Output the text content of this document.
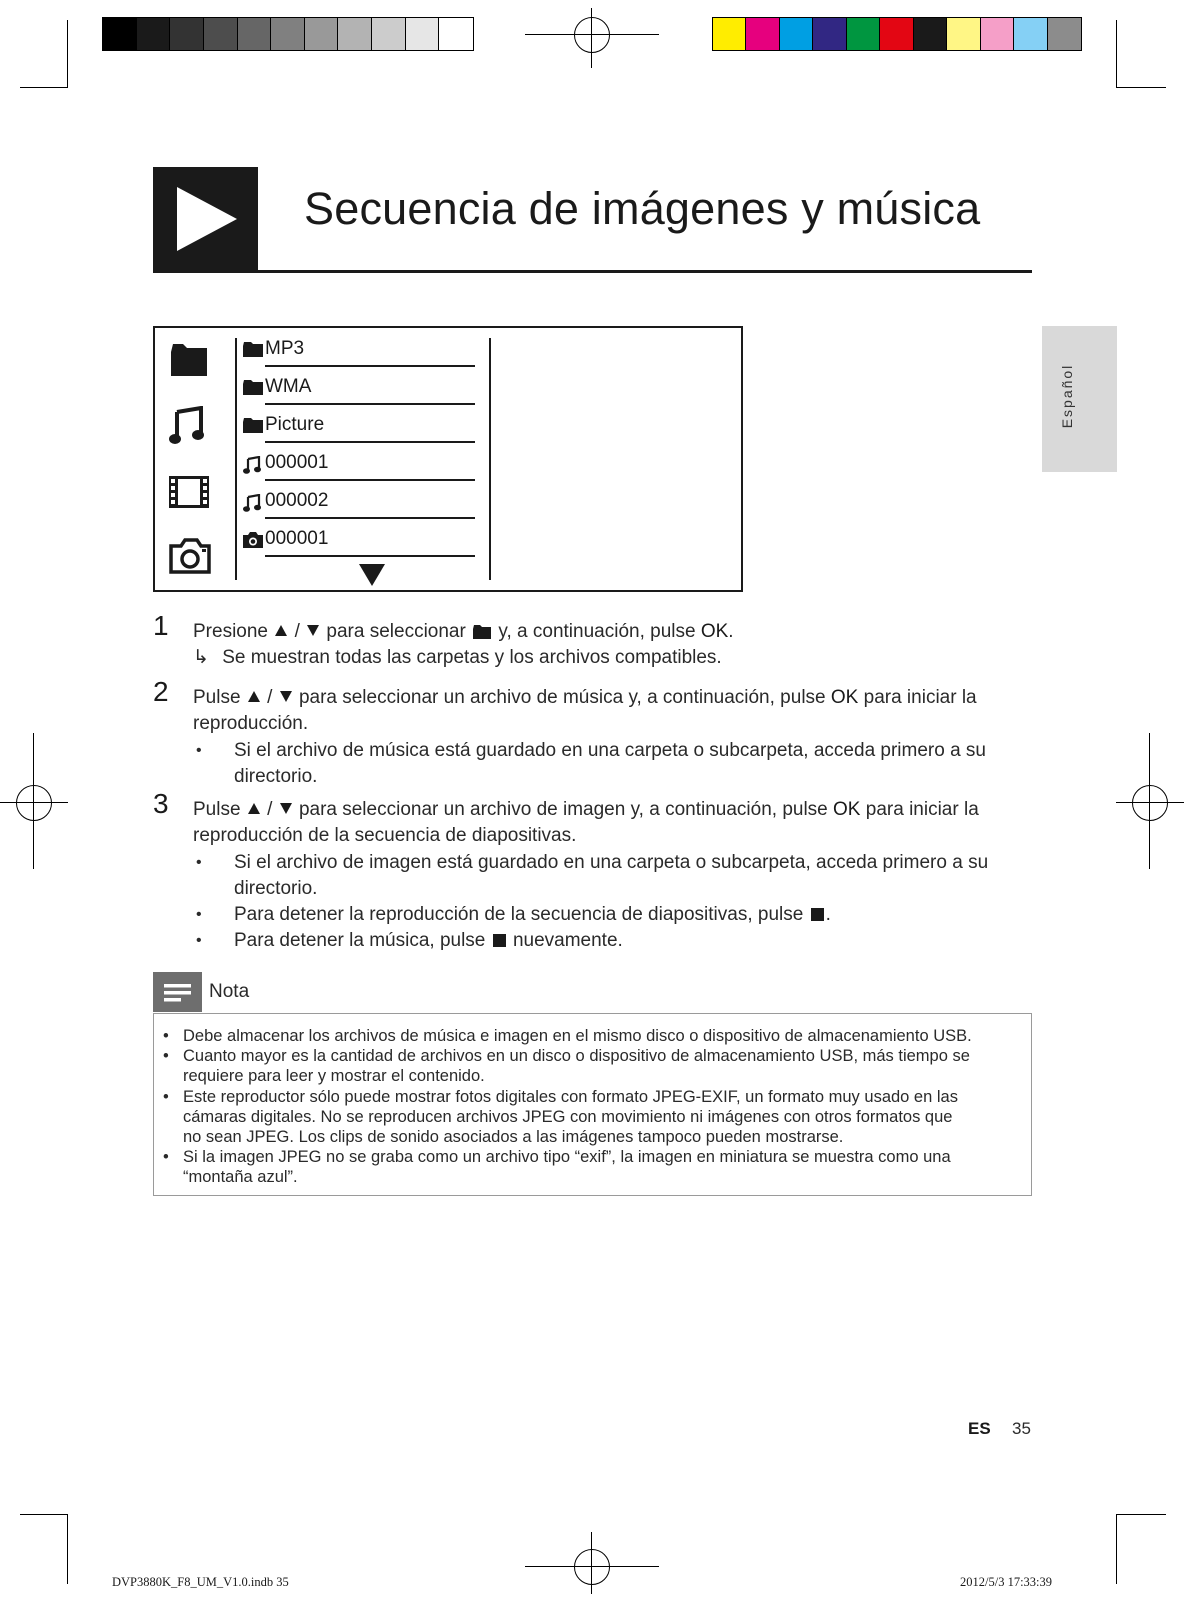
Secuencia de imágenes y música
Español
MP3
WMA
Picture
000001
000002
000001
1 Presione / para seleccionar y, a continuación, pulse OK.
↳ Se muestran todas las carpetas y los archivos compatibles.
2 Pulse / para seleccionar un archivo de música y, a continuación, pulse OK para iniciar la
reproducción.
• Si el archivo de música está guardado en una carpeta o subcarpeta, acceda primero a su
directorio.
3 Pulse / para seleccionar un archivo de imagen y, a continuación, pulse OK para iniciar la
reproducción de la secuencia de diapositivas.
• Si el archivo de imagen está guardado en una carpeta o subcarpeta, acceda primero a su
directorio.
• Para detener la reproducción de la secuencia de diapositivas, pulse .
• Para detener la música, pulse nuevamente.
Nota
• Debe almacenar los archivos de música e imagen en el mismo disco o dispositivo de almacenamiento USB.
• Cuanto mayor es la cantidad de archivos en un disco o dispositivo de almacenamiento USB, más tiempo se
requiere para leer y mostrar el contenido.
• Este reproductor sólo puede mostrar fotos digitales con formato JPEG-EXIF, un formato muy usado en las
cámaras digitales. No se reproducen archivos JPEG con movimiento ni imágenes con otros formatos que
no sean JPEG. Los clips de sonido asociados a las imágenes tampoco pueden mostrarse.
• Si la imagen JPEG no se graba como un archivo tipo “exif”, la imagen en miniatura se muestra como una
“montaña azul”.
ES 35
DVP3880K_F8_UM_V1.0.indb 35	2012/5/3 17:33:39
